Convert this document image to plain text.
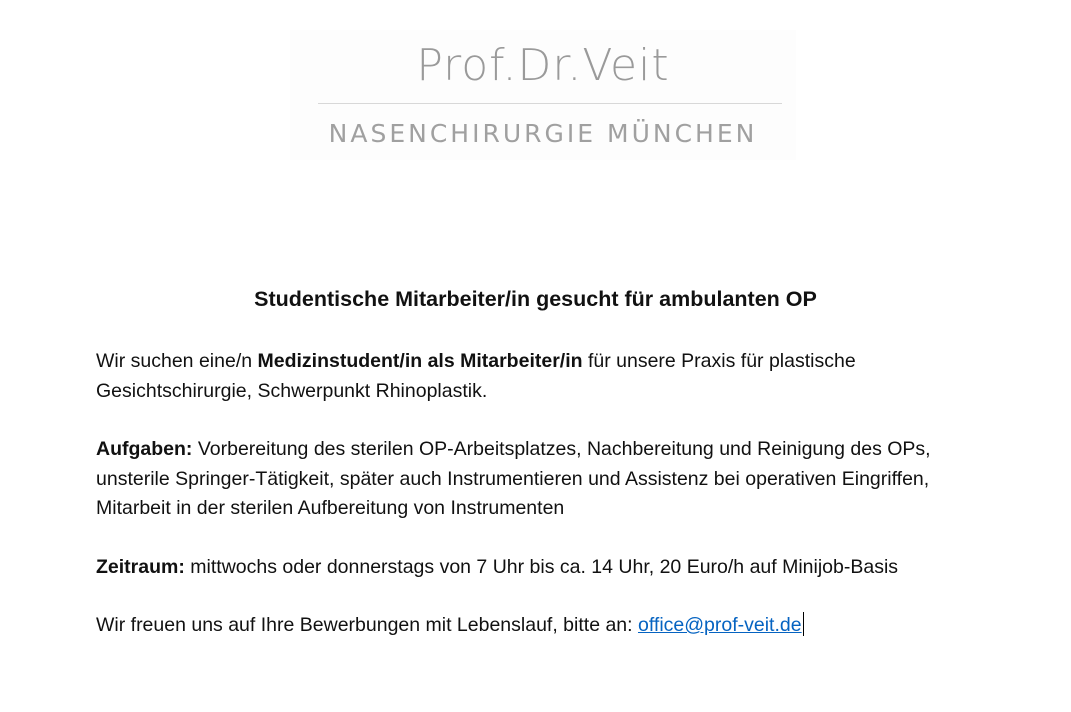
Prof.Dr.Veit
NASENCHIRURGIE MÜNCHEN
Studentische Mitarbeiter/in gesucht für ambulanten OP

Wir suchen eine/n Medizinstudent/in als Mitarbeiter/in für unsere Praxis für plastische Gesichtschirurgie, Schwerpunkt Rhinoplastik.

Aufgaben: Vorbereitung des sterilen OP-Arbeitsplatzes, Nachbereitung und Reinigung des OPs, unsterile Springer-Tätigkeit, später auch Instrumentieren und Assistenz bei operativen Eingriffen, Mitarbeit in der sterilen Aufbereitung von Instrumenten

Zeitraum: mittwochs oder donnerstags von 7 Uhr bis ca. 14 Uhr, 20 Euro/h auf Minijob-Basis

Wir freuen uns auf Ihre Bewerbungen mit Lebenslauf, bitte an: office@prof-veit.de
